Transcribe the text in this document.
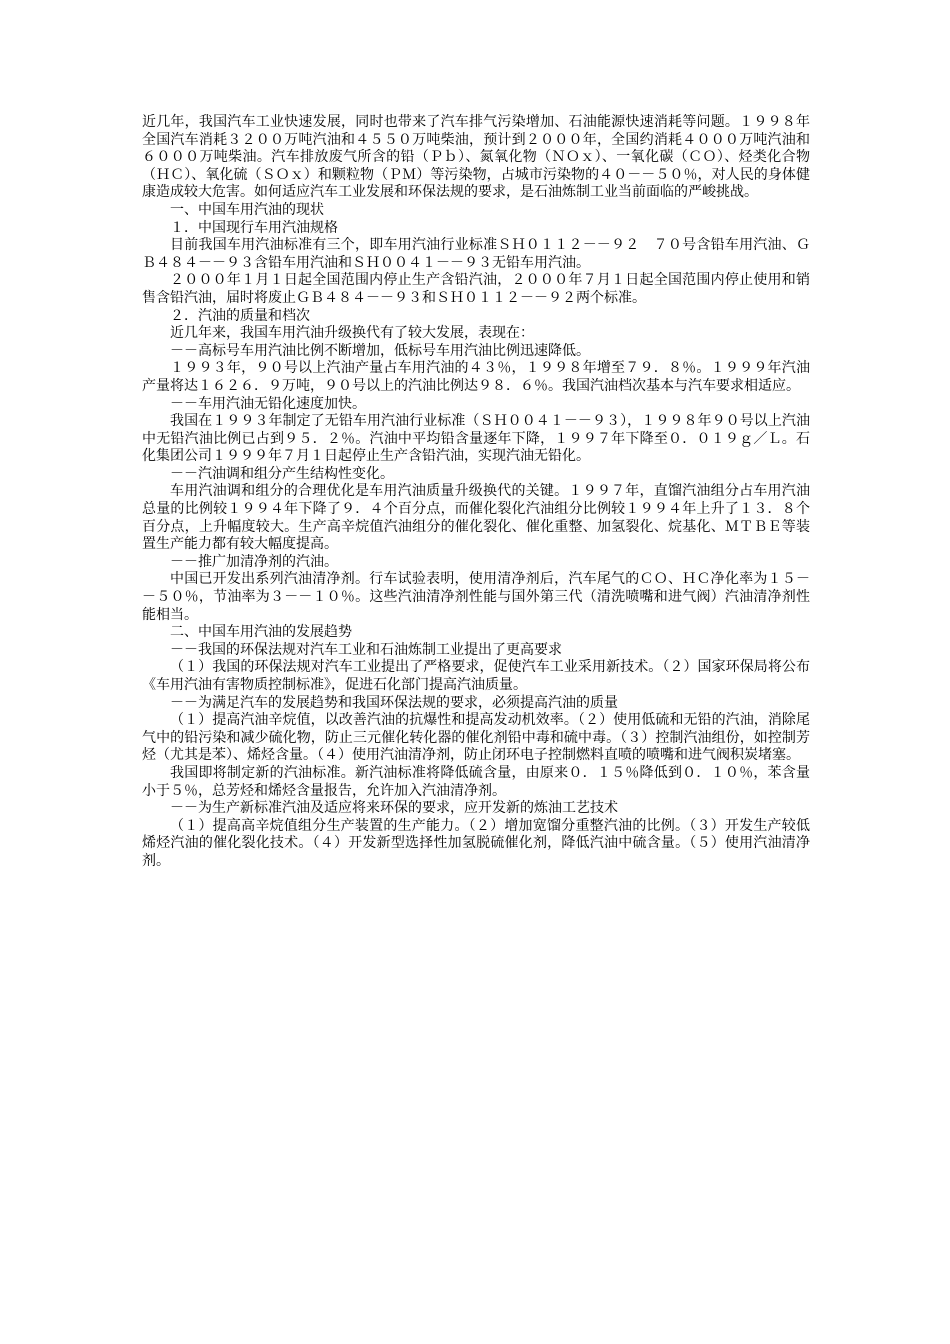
近几年，我国汽车工业快速发展，同时也带来了汽车排气污染增加、石油能源快速消耗等问题。１９９８年全国汽车消耗３２００万吨汽油和４５５０万吨柴油，预计到２０００年，全国约消耗４０００万吨汽油和６０００万吨柴油。汽车排放废气所含的铅（Ｐｂ）、氮氧化物（ＮＯｘ）、一氧化碳（ＣＯ）、烃类化合物（ＨＣ）、氧化硫（ＳＯｘ）和颗粒物（ＰＭ）等污染物，占城市污染物的４０－－５０％，对人民的身体健康造成较大危害。如何适应汽车工业发展和环保法规的要求，是石油炼制工业当前面临的严峻挑战。

一、中国车用汽油的现状

１．中国现行车用汽油规格

目前我国车用汽油标准有三个，即车用汽油行业标准ＳＨ０１１２－－９２　７０号含铅车用汽油、ＧＢ４８４－－９３含铅车用汽油和ＳＨ００４１－－９３无铅车用汽油。

２０００年１月１日起全国范围内停止生产含铅汽油，２０００年７月１日起全国范围内停止使用和销售含铅汽油，届时将废止ＧＢ４８４－－９３和ＳＨ０１１２－－９２两个标准。

２．汽油的质量和档次

近几年来，我国车用汽油升级换代有了较大发展，表现在：

－－高标号车用汽油比例不断增加，低标号车用汽油比例迅速降低。

１９９３年，９０号以上汽油产量占车用汽油的４３％，１９９８年增至７９．８％。１９９９年汽油产量将达１６２６．９万吨，９０号以上的汽油比例达９８．６％。我国汽油档次基本与汽车要求相适应。

－－车用汽油无铅化速度加快。

我国在１９９３年制定了无铅车用汽油行业标准（ＳＨ００４１－－９３），１９９８年９０号以上汽油中无铅汽油比例已占到９５．２％。汽油中平均铅含量逐年下降，１９９７年下降至０．０１９ｇ／Ｌ。石化集团公司１９９９年７月１日起停止生产含铅汽油，实现汽油无铅化。

－－汽油调和组分产生结构性变化。

车用汽油调和组分的合理优化是车用汽油质量升级换代的关键。１９９７年，直馏汽油组分占车用汽油总量的比例较１９９４年下降了９．４个百分点，而催化裂化汽油组分比例较１９９４年上升了１３．８个百分点，上升幅度较大。生产高辛烷值汽油组分的催化裂化、催化重整、加氢裂化、烷基化、ＭＴＢＥ等装置生产能力都有较大幅度提高。

－－推广加清净剂的汽油。

中国已开发出系列汽油清净剂。行车试验表明，使用清净剂后，汽车尾气的ＣＯ、ＨＣ净化率为１５－－５０％，节油率为３－－１０％。这些汽油清净剂性能与国外第三代（清洗喷嘴和进气阀）汽油清净剂性能相当。

二、中国车用汽油的发展趋势

－－我国的环保法规对汽车工业和石油炼制工业提出了更高要求

（１）我国的环保法规对汽车工业提出了严格要求，促使汽车工业采用新技术。（２）国家环保局将公布《车用汽油有害物质控制标准》，促进石化部门提高汽油质量。

－－为满足汽车的发展趋势和我国环保法规的要求，必须提高汽油的质量

（１）提高汽油辛烷值，以改善汽油的抗爆性和提高发动机效率。（２）使用低硫和无铅的汽油，消除尾气中的铅污染和减少硫化物，防止三元催化转化器的催化剂铅中毒和硫中毒。（３）控制汽油组份，如控制芳烃（尤其是苯）、烯烃含量。（４）使用汽油清净剂，防止闭环电子控制燃料直喷的喷嘴和进气阀积炭堵塞。

我国即将制定新的汽油标准。新汽油标准将降低硫含量，由原来０．１５％降低到０．１０％，苯含量小于５％，总芳烃和烯烃含量报告，允许加入汽油清净剂。

－－为生产新标准汽油及适应将来环保的要求，应开发新的炼油工艺技术

（１）提高高辛烷值组分生产装置的生产能力。（２）增加宽馏分重整汽油的比例。（３）开发生产较低烯烃汽油的催化裂化技术。（４）开发新型选择性加氢脱硫催化剂，降低汽油中硫含量。（５）使用汽油清净剂。
